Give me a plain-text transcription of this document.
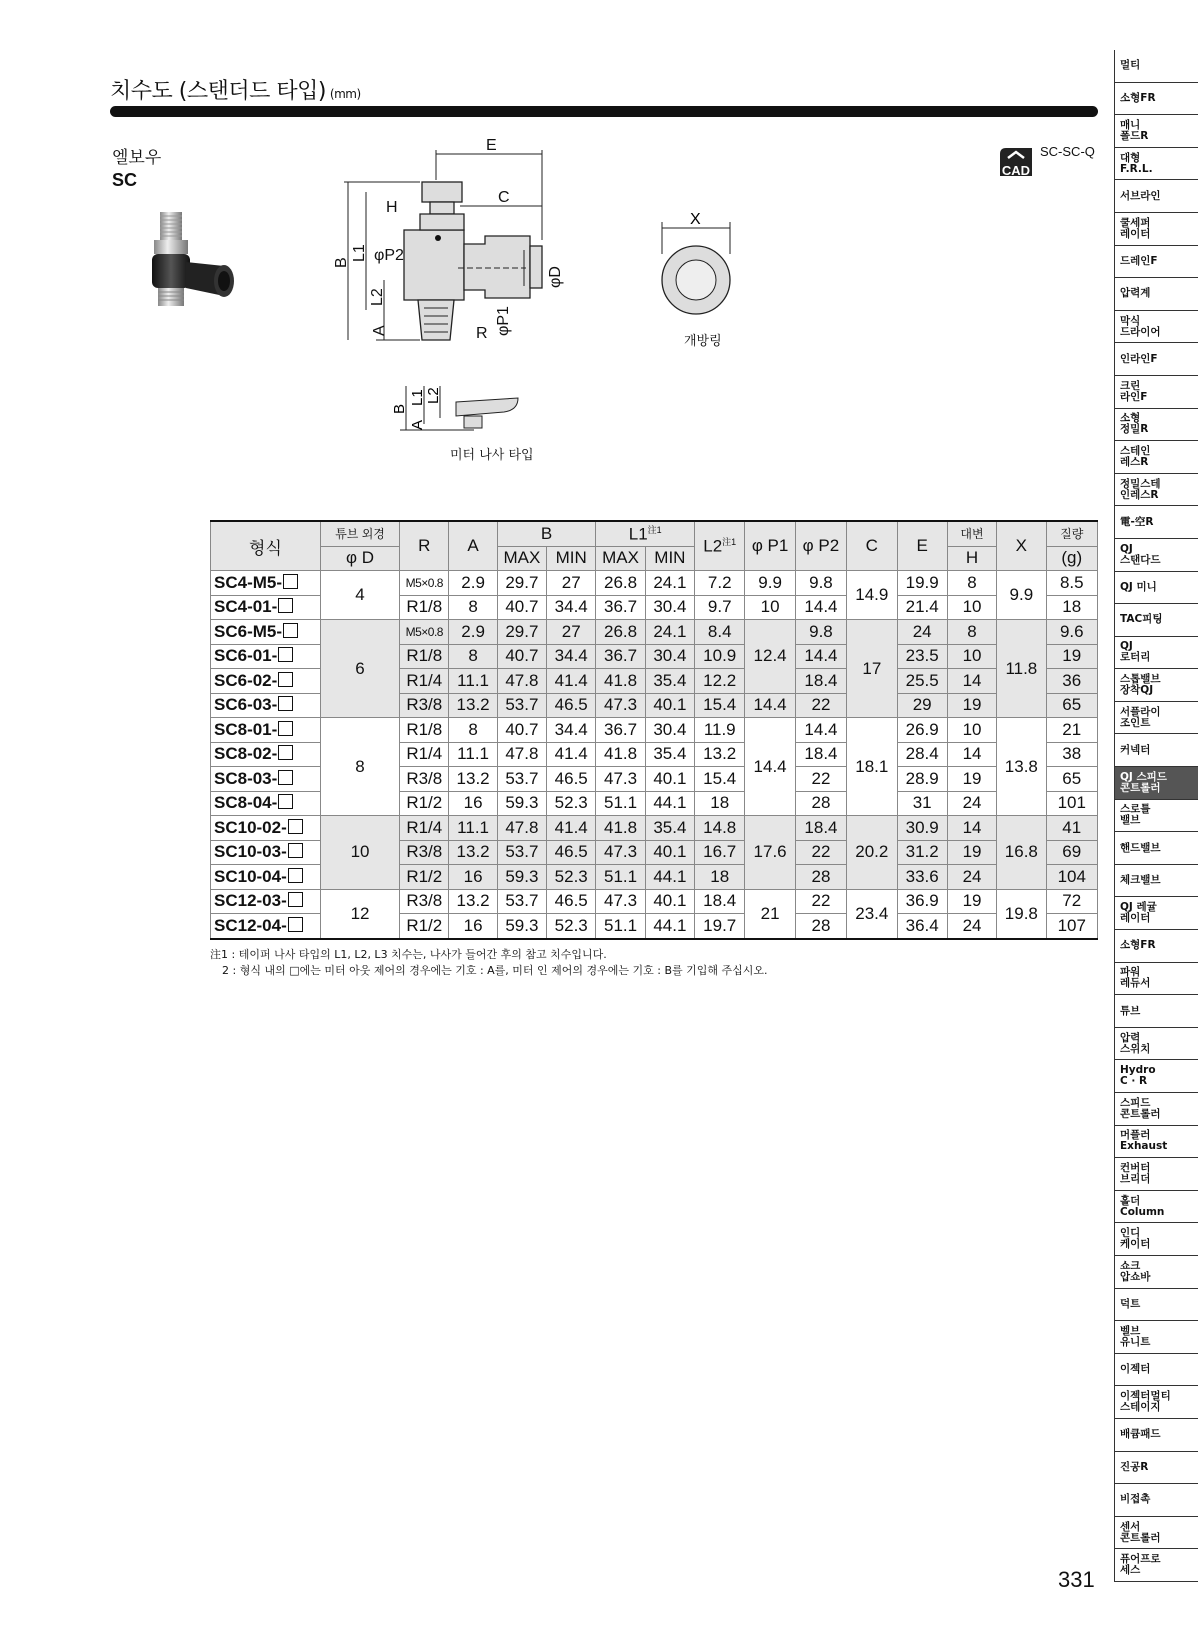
치수도 (스탠더드 타입) (mm)
엘보우
SC	CAD
SC-SC-Q
E
C
H
B
L1 φP2
L2
A	R φP1
φD
X
개방링
B
L1 L2
A
미터 나사 타입
형식	튜브 외경	R	A	B		L1$^{注1}$		L2$^{注1}$	φ P1	φ P2	C	E	대변	X	질량
	φ D			MAX	MIN	MAX	MIN						H		(g)
SC4-M5-	4	M5×0.8	2.9	29.7	27	26.8	24.1	7.2	9.9	9.8	14.9	19.9	8	9.9	8.5
SC4-01-		R1/8	8	40.7	34.4	36.7	30.4	9.7	10	14.4		21.4	10		18
SC6-M5-	6	M5×0.8	2.9	29.7	27	26.8	24.1	8.4	12.4	9.8	17	24	8	11.8	9.6
SC6-01-		R1/8	8	40.7	34.4	36.7	30.4	10.9		14.4		23.5	10		19
SC6-02-		R1/4	11.1	47.8	41.4	41.8	35.4	12.2		18.4		25.5	14		36
SC6-03-		R3/8	13.2	53.7	46.5	47.3	40.1	15.4	14.4	22		29	19		65
SC8-01-	8	R1/8	8	40.7	34.4	36.7	30.4	11.9	14.4	14.4	18.1	26.9	10	13.8	21
SC8-02-		R1/4	11.1	47.8	41.4	41.8	35.4	13.2		18.4		28.4	14		38
SC8-03-		R3/8	13.2	53.7	46.5	47.3	40.1	15.4		22		28.9	19		65
SC8-04-		R1/2	16	59.3	52.3	51.1	44.1	18		28		31	24		101
SC10-02-	10	R1/4	11.1	47.8	41.4	41.8	35.4	14.8	17.6	18.4	20.2	30.9	14	16.8	41
SC10-03-		R3/8	13.2	53.7	46.5	47.3	40.1	16.7		22		31.2	19		69
SC10-04-		R1/2	16	59.3	52.3	51.1	44.1	18		28		33.6	24		104
SC12-03-	12	R3/8	13.2	53.7	46.5	47.3	40.1	18.4	21	22	23.4	36.9	19	19.8	72
SC12-04-		R1/2	16	59.3	52.3	51.1	44.1	19.7		28		36.4	24		107
注1 : 테이퍼 나사 타입의 L1, L2, L3 치수는, 나사가 들어간 후의 참고 치수입니다.
2 : 형식 내의 □에는 미터 아웃 제어의 경우에는 기호 : A를, 미터 인 제어의 경우에는 기호 : B를 기입해 주십시오.
멀티
소형FR
매니
폴드R
대형
F.R.L.
서브라인
쿨세퍼
레이터
드레인F
압력계
막식
드라이어
인라인F
크린
라인F
소형
정밀R
스테인
레스R
정밀스테
인레스R
電-空R
QJ
스탠다드
QJ 미니
TAC피팅
QJ
로터리
스톱밸브
장착QJ
서플라이
조인트
커넥터
QJ 스피드
콘트롤러
스로틀
밸브
핸드밸브
체크밸브
QJ 레귤
레이터
소형FR
파워
레듀서
튜브
압력
스위치
Hydro
C · R
스피드
콘트롤러
머플러
Exhaust
컨버터
브리더
홀더
Column
인디
케이터
쇼크
압쇼바
덕트
벨브
유니트
이젝터
이젝터멀티
스테이지
배큠패드
진공R
비접촉
센서
콘트롤러
퓨어프로
세스
331
